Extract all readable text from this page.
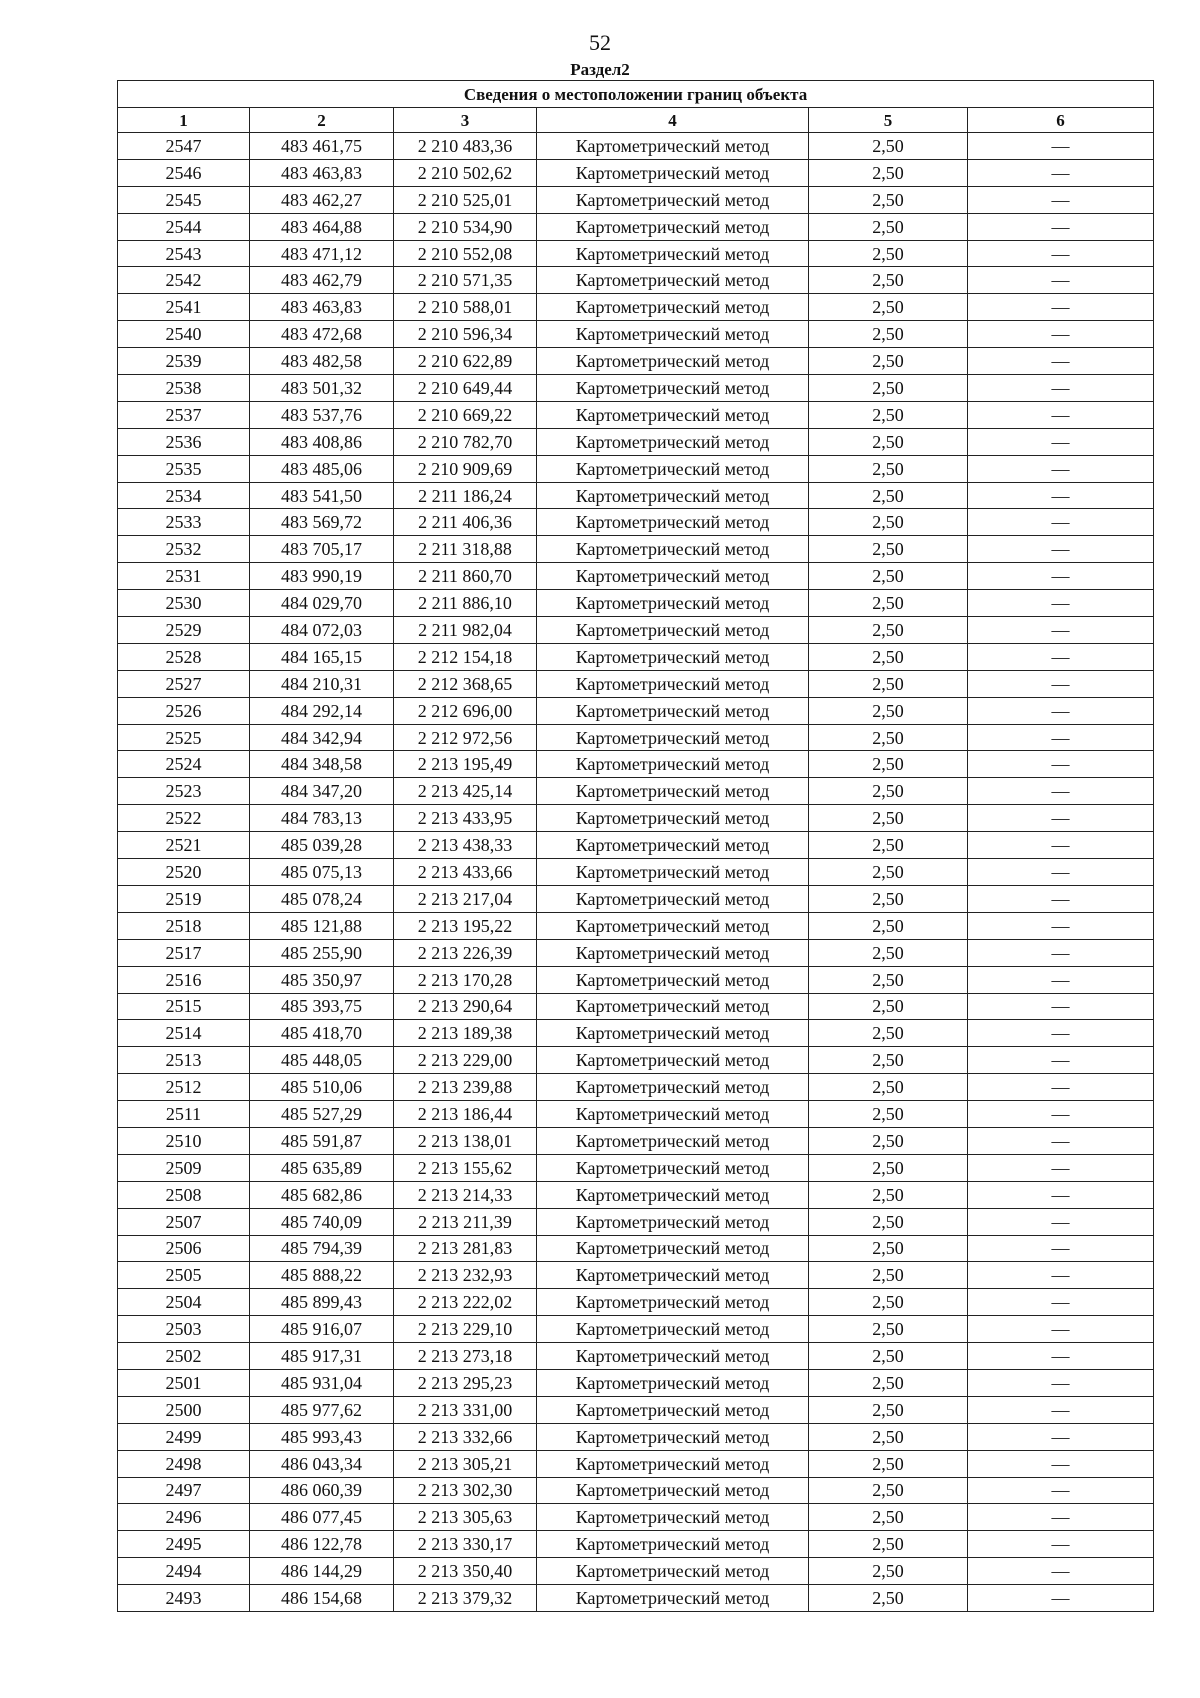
52
Раздел2
Сведения о местоположении границ объекта					
1	2	3	4	5	6
2547	483 461,75	2 210 483,36	Картометрический метод	2,50	—
2546	483 463,83	2 210 502,62	Картометрический метод	2,50	—
2545	483 462,27	2 210 525,01	Картометрический метод	2,50	—
2544	483 464,88	2 210 534,90	Картометрический метод	2,50	—
2543	483 471,12	2 210 552,08	Картометрический метод	2,50	—
2542	483 462,79	2 210 571,35	Картометрический метод	2,50	—
2541	483 463,83	2 210 588,01	Картометрический метод	2,50	—
2540	483 472,68	2 210 596,34	Картометрический метод	2,50	—
2539	483 482,58	2 210 622,89	Картометрический метод	2,50	—
2538	483 501,32	2 210 649,44	Картометрический метод	2,50	—
2537	483 537,76	2 210 669,22	Картометрический метод	2,50	—
2536	483 408,86	2 210 782,70	Картометрический метод	2,50	—
2535	483 485,06	2 210 909,69	Картометрический метод	2,50	—
2534	483 541,50	2 211 186,24	Картометрический метод	2,50	—
2533	483 569,72	2 211 406,36	Картометрический метод	2,50	—
2532	483 705,17	2 211 318,88	Картометрический метод	2,50	—
2531	483 990,19	2 211 860,70	Картометрический метод	2,50	—
2530	484 029,70	2 211 886,10	Картометрический метод	2,50	—
2529	484 072,03	2 211 982,04	Картометрический метод	2,50	—
2528	484 165,15	2 212 154,18	Картометрический метод	2,50	—
2527	484 210,31	2 212 368,65	Картометрический метод	2,50	—
2526	484 292,14	2 212 696,00	Картометрический метод	2,50	—
2525	484 342,94	2 212 972,56	Картометрический метод	2,50	—
2524	484 348,58	2 213 195,49	Картометрический метод	2,50	—
2523	484 347,20	2 213 425,14	Картометрический метод	2,50	—
2522	484 783,13	2 213 433,95	Картометрический метод	2,50	—
2521	485 039,28	2 213 438,33	Картометрический метод	2,50	—
2520	485 075,13	2 213 433,66	Картометрический метод	2,50	—
2519	485 078,24	2 213 217,04	Картометрический метод	2,50	—
2518	485 121,88	2 213 195,22	Картометрический метод	2,50	—
2517	485 255,90	2 213 226,39	Картометрический метод	2,50	—
2516	485 350,97	2 213 170,28	Картометрический метод	2,50	—
2515	485 393,75	2 213 290,64	Картометрический метод	2,50	—
2514	485 418,70	2 213 189,38	Картометрический метод	2,50	—
2513	485 448,05	2 213 229,00	Картометрический метод	2,50	—
2512	485 510,06	2 213 239,88	Картометрический метод	2,50	—
2511	485 527,29	2 213 186,44	Картометрический метод	2,50	—
2510	485 591,87	2 213 138,01	Картометрический метод	2,50	—
2509	485 635,89	2 213 155,62	Картометрический метод	2,50	—
2508	485 682,86	2 213 214,33	Картометрический метод	2,50	—
2507	485 740,09	2 213 211,39	Картометрический метод	2,50	—
2506	485 794,39	2 213 281,83	Картометрический метод	2,50	—
2505	485 888,22	2 213 232,93	Картометрический метод	2,50	—
2504	485 899,43	2 213 222,02	Картометрический метод	2,50	—
2503	485 916,07	2 213 229,10	Картометрический метод	2,50	—
2502	485 917,31	2 213 273,18	Картометрический метод	2,50	—
2501	485 931,04	2 213 295,23	Картометрический метод	2,50	—
2500	485 977,62	2 213 331,00	Картометрический метод	2,50	—
2499	485 993,43	2 213 332,66	Картометрический метод	2,50	—
2498	486 043,34	2 213 305,21	Картометрический метод	2,50	—
2497	486 060,39	2 213 302,30	Картометрический метод	2,50	—
2496	486 077,45	2 213 305,63	Картометрический метод	2,50	—
2495	486 122,78	2 213 330,17	Картометрический метод	2,50	—
2494	486 144,29	2 213 350,40	Картометрический метод	2,50	—
2493	486 154,68	2 213 379,32	Картометрический метод	2,50	—
